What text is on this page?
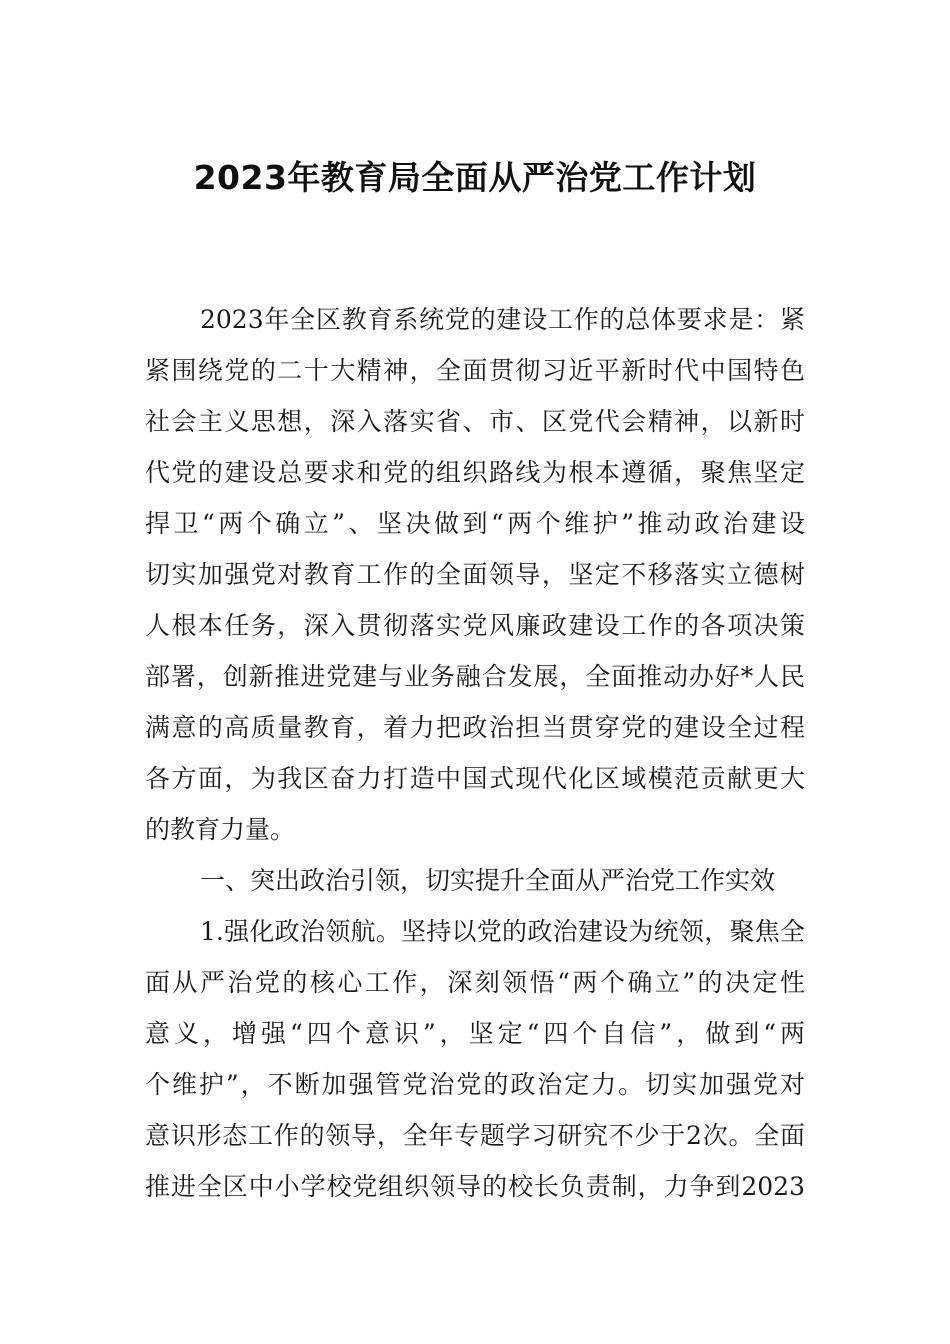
2023年教育局全面从严治党工作计划
2023年全区教育系统党的建设工作的总体要求是：紧
紧围绕党的二十大精神，全面贯彻习近平新时代中国特色
社会主义思想，深入落实省、市、区党代会精神，以新时
代党的建设总要求和党的组织路线为根本遵循，聚焦坚定
捍卫“两个确立”、坚决做到“两个维护”推动政治建设
切实加强党对教育工作的全面领导，坚定不移落实立德树
人根本任务，深入贯彻落实党风廉政建设工作的各项决策
部署，创新推进党建与业务融合发展，全面推动办好*人民
满意的高质量教育，着力把政治担当贯穿党的建设全过程
各方面，为我区奋力打造中国式现代化区域模范贡献更大
的教育力量。
一、突出政治引领，切实提升全面从严治党工作实效
1.强化政治领航。坚持以党的政治建设为统领，聚焦全
面从严治党的核心工作，深刻领悟“两个确立”的决定性
意义，增强“四个意识”，坚定“四个自信”，做到“两
个维护”，不断加强管党治党的政治定力。切实加强党对
意识形态工作的领导，全年专题学习研究不少于2次。全面
推进全区中小学校党组织领导的校长负责制，力争到2023
